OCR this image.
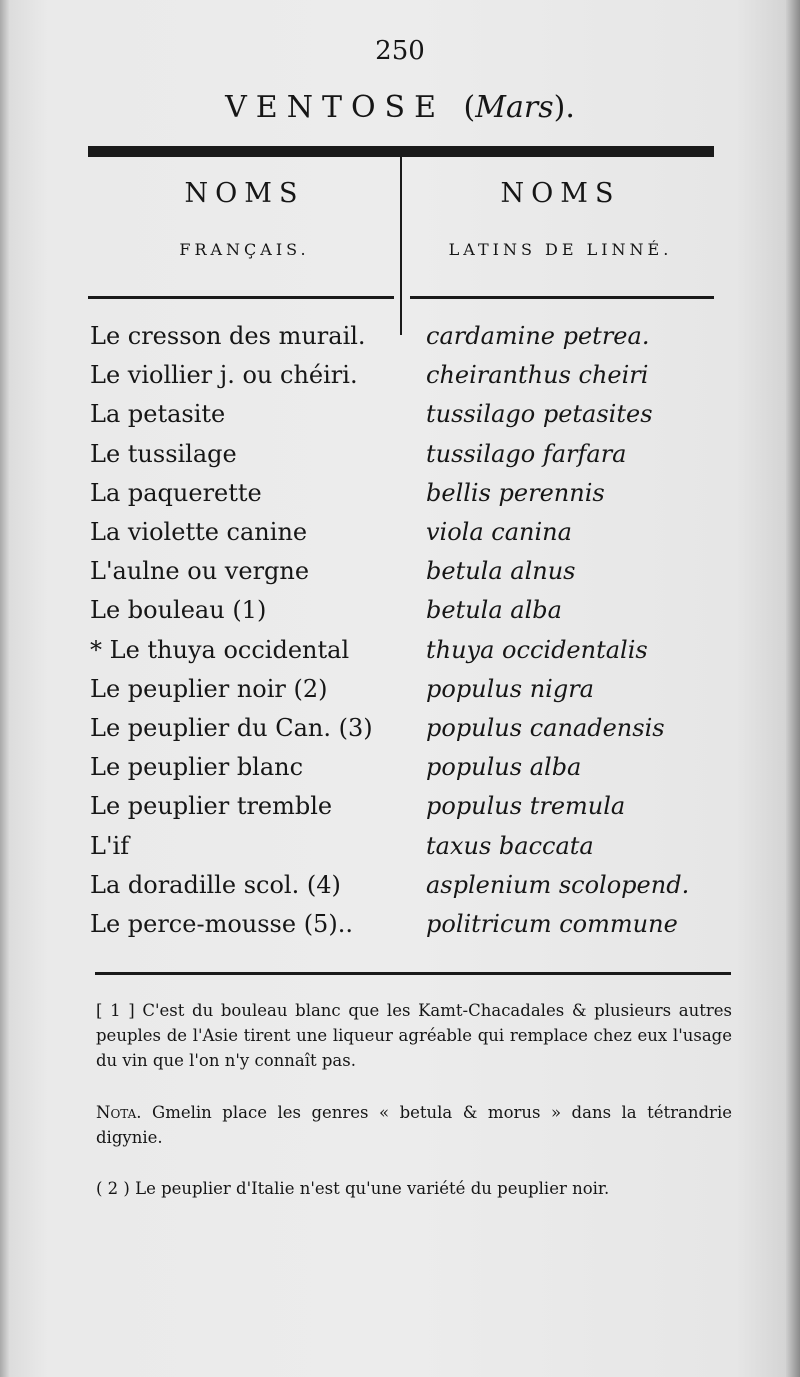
250
VENTOSE (Mars).
NOMS
FRANÇAIS.
NOMS
LATINS DE LINNÉ.
Le cresson des murail.	cardamine petrea.
Le viollier j. ou chéiri.	cheiranthus cheiri
La petasite	tussilago petasites
Le tussilage	tussilago farfara
La paquerette	bellis perennis
La violette canine	viola canina
L'aulne ou vergne	betula alnus
Le bouleau (1)	betula alba
* Le thuya occidental	thuya occidentalis
Le peuplier noir (2)	populus nigra
Le peuplier du Can. (3)	populus canadensis
Le peuplier blanc	populus alba
Le peuplier tremble	populus tremula
L'if	taxus baccata
La doradille scol. (4)	asplenium scolopend.
Le perce-mousse (5)..	politricum commune
[ 1 ] C'est du bouleau blanc que les Kamt-Chacadales & plusieurs autres peuples de l'Asie tirent une liqueur agréable qui remplace chez eux l'usage du vin que l'on n'y connaît pas.
Nota. Gmelin place les genres « betula & morus » dans la tétrandrie digynie.
( 2 ) Le peuplier d'Italie n'est qu'une variété du peuplier noir.
